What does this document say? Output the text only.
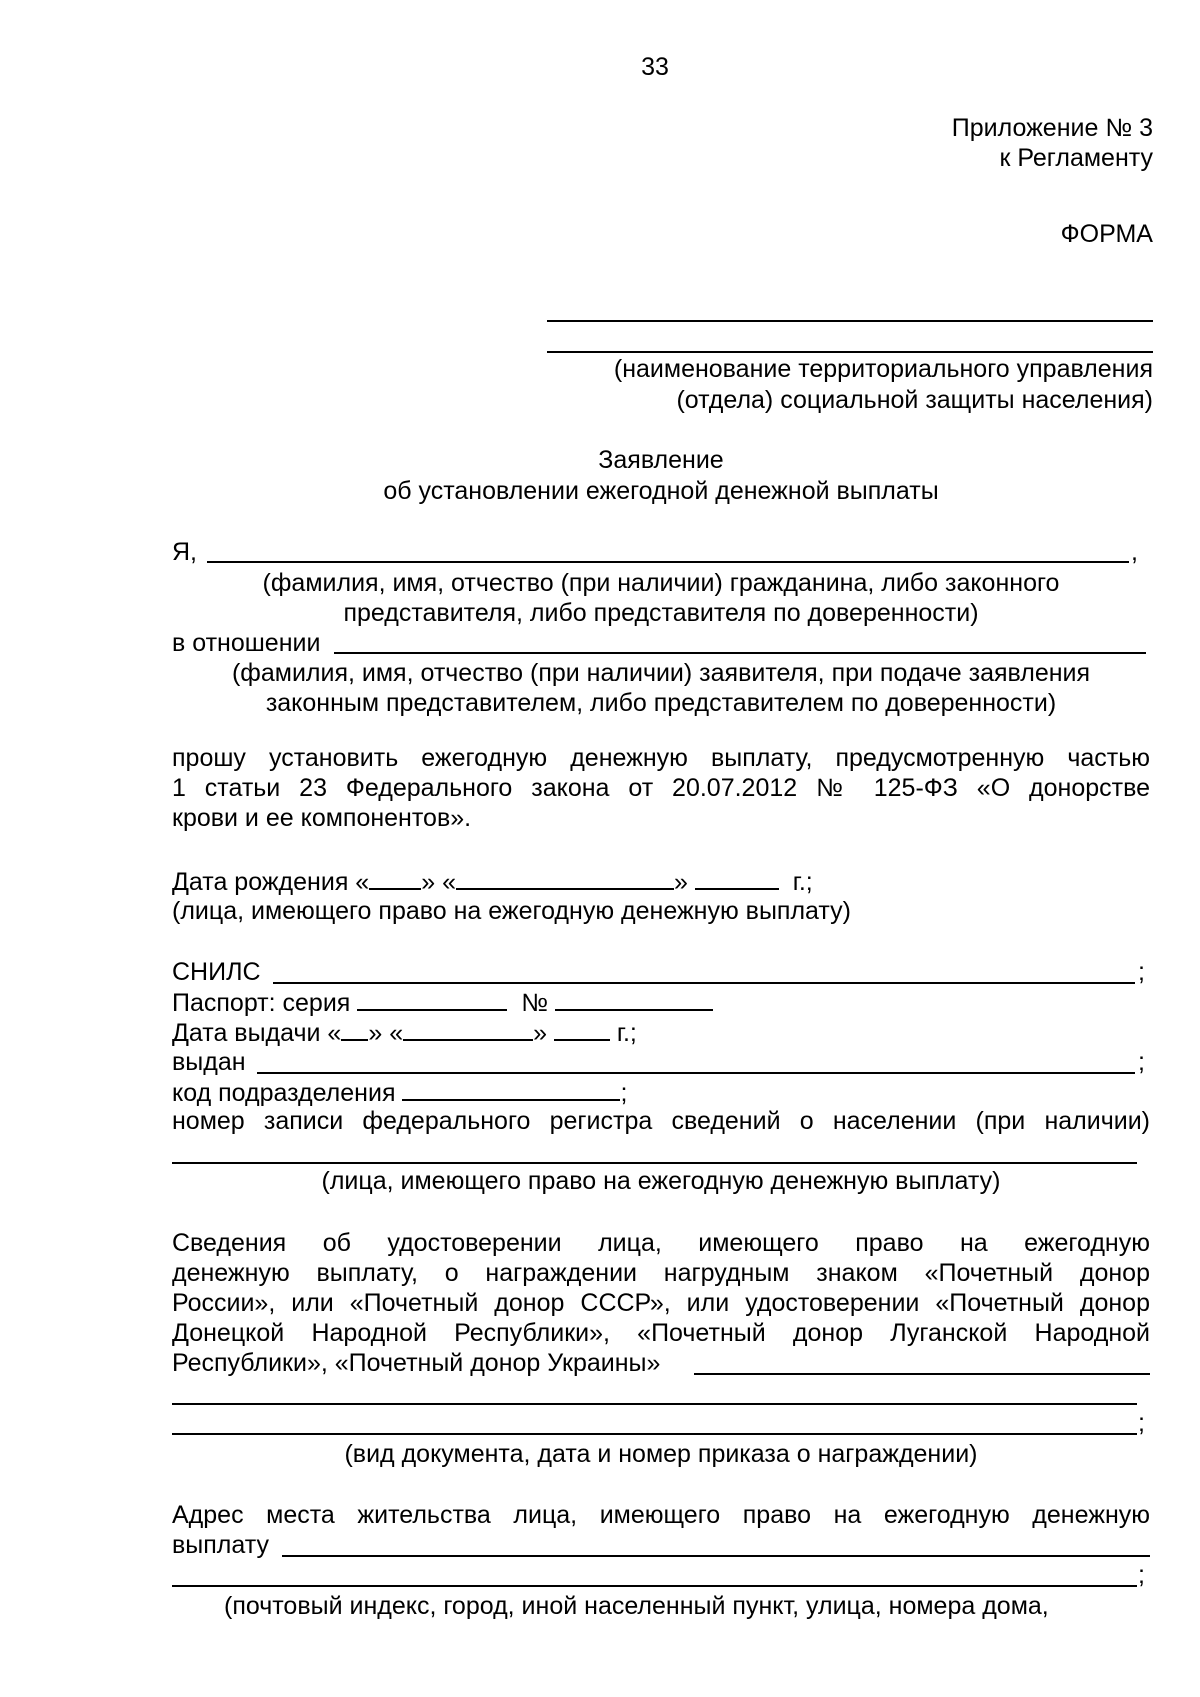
33
Приложение № 3
к Регламенту
ФОРМА
(наименование территориального управления
(отдела) социальной защиты населения)
Заявление
об установлении ежегодной денежной выплаты
Я,	,
(фамилия, имя, отчество (при наличии) гражданина, либо законного
представителя, либо представителя по доверенности)
в отношении
(фамилия, имя, отчество (при наличии) заявителя, при подаче заявления
законным представителем, либо представителем по доверенности)
прошу установить ежегодную денежную выплату, предусмотренную частью
1 статьи 23 Федерального закона от 20.07.2012 № 125-ФЗ «О донорстве
крови и ее компонентов».
Дата рождения « » «	»	г.;
(лица, имеющего право на ежегодную денежную выплату)
СНИЛС	;
Паспорт: серия	№
Дата выдачи « » «	»	г.;
выдан	;
код подразделения	;
номер записи федерального регистра сведений о населении (при наличии)
(лица, имеющего право на ежегодную денежную выплату)
Сведения об удостоверении лица, имеющего право на ежегодную
денежную выплату, о награждении нагрудным знаком «Почетный донор
России», или «Почетный донор СССР», или удостоверении «Почетный донор
Донецкой Народной Республики», «Почетный донор Луганской Народной
Республики», «Почетный донор Украины»
;
(вид документа, дата и номер приказа о награждении)
Адрес места жительства лица, имеющего право на ежегодную денежную
выплату
;
(почтовый индекс, город, иной населенный пункт, улица, номера дома,
